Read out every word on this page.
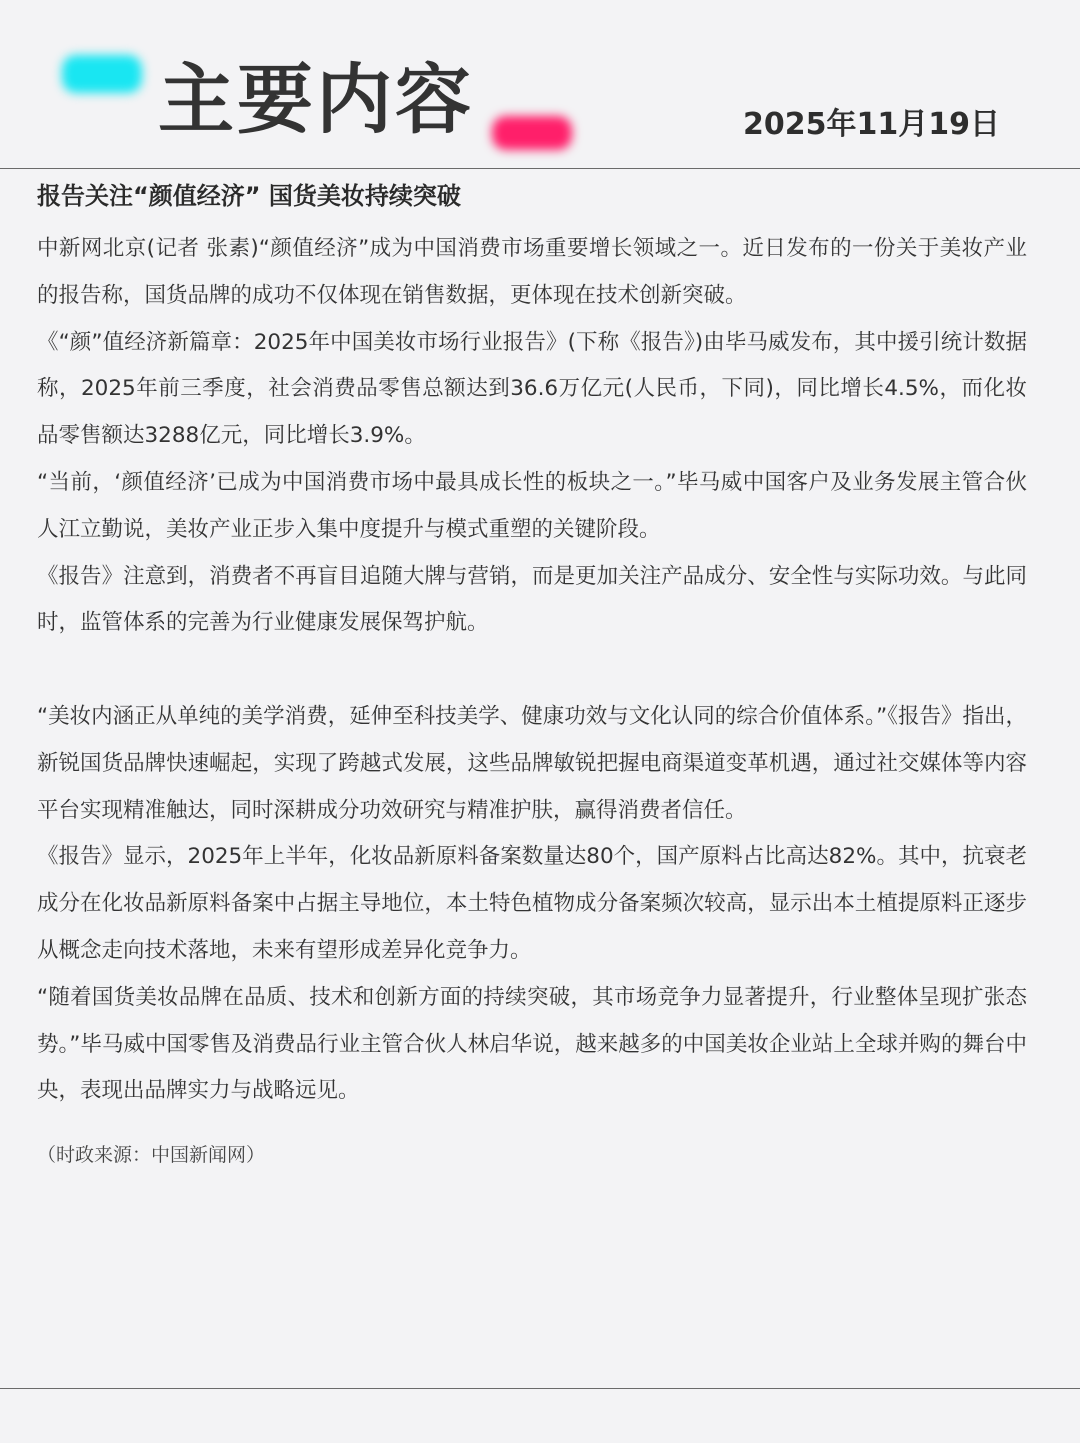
主要内容	2025年11月19日
报告关注“颜值经济” 国货美妆持续突破

中新网北京(记者 张素)“颜值经济”成为中国消费市场重要增长领域之一。近日发布的一份关于美妆产业的报告称，国货品牌的成功不仅体现在销售数据，更体现在技术创新突破。

《“颜”值经济新篇章：2025年中国美妆市场行业报告》(下称《报告》)由毕马威发布，其中援引统计数据称，2025年前三季度，社会消费品零售总额达到36.6万亿元(人民币，下同)，同比增长4.5%，而化妆品零售额达3288亿元，同比增长3.9%。

“当前，‘颜值经济’已成为中国消费市场中最具成长性的板块之一。”毕马威中国客户及业务发展主管合伙人江立勤说，美妆产业正步入集中度提升与模式重塑的关键阶段。

《报告》注意到，消费者不再盲目追随大牌与营销，而是更加关注产品成分、安全性与实际功效。与此同时，监管体系的完善为行业健康发展保驾护航。

“美妆内涵正从单纯的美学消费，延伸至科技美学、健康功效与文化认同的综合价值体系。”《报告》指出，新锐国货品牌快速崛起，实现了跨越式发展，这些品牌敏锐把握电商渠道变革机遇，通过社交媒体等内容平台实现精准触达，同时深耕成分功效研究与精准护肤，赢得消费者信任。

《报告》显示，2025年上半年，化妆品新原料备案数量达80个，国产原料占比高达82%。其中，抗衰老成分在化妆品新原料备案中占据主导地位，本土特色植物成分备案频次较高，显示出本土植提原料正逐步从概念走向技术落地，未来有望形成差异化竞争力。

“随着国货美妆品牌在品质、技术和创新方面的持续突破，其市场竞争力显著提升，行业整体呈现扩张态势。”毕马威中国零售及消费品行业主管合伙人林启华说，越来越多的中国美妆企业站上全球并购的舞台中央，表现出品牌实力与战略远见。

（时政来源：中国新闻网）
